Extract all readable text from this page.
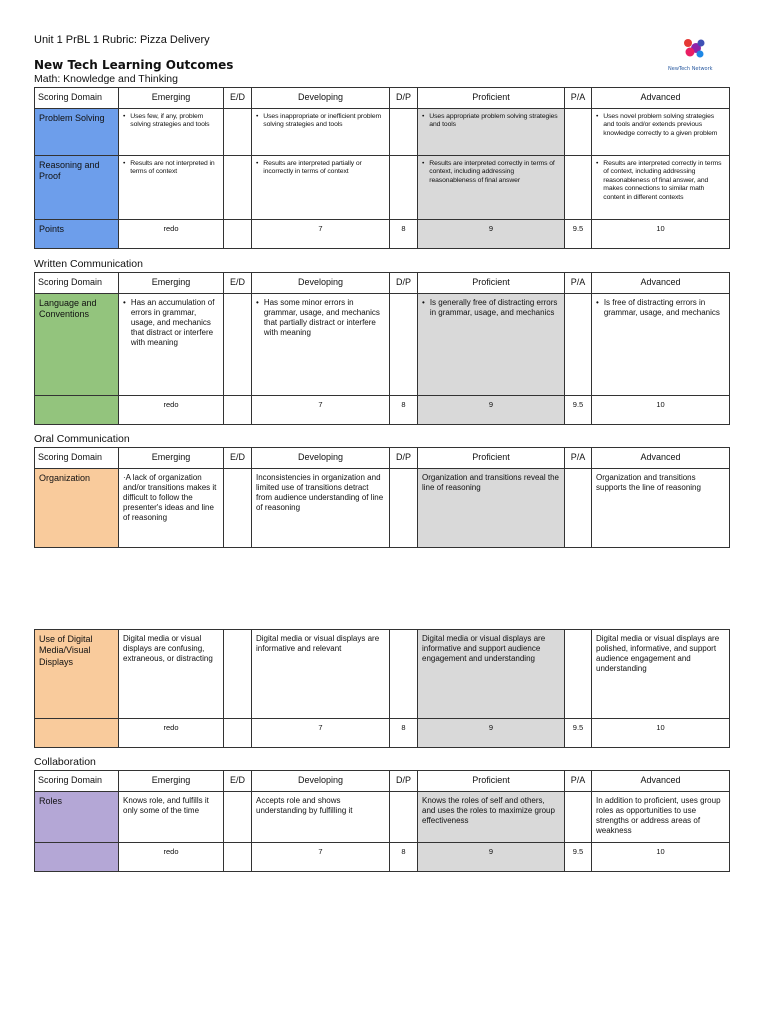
Unit 1 PrBL 1 Rubric: Pizza Delivery
New Tech Learning Outcomes	NewTech Network
Math: Knowledge and Thinking
Scoring Domain	Emerging	E/D	Developing	D/P	Proficient	P/A	Advanced
Problem Solving	• Uses few, if any, problem solving strategies and tools		• Uses inappropriate or inefficient problem solving strategies and tools		• Uses appropriate problem solving strategies and tools		• Uses novel problem solving strategies and tools and/or extends previous knowledge correctly to a given problem

Reasoning and Proof	• Results are not interpreted in terms of context		• Results are interpreted partially or incorrectly in terms of context		• Results are interpreted correctly in terms of context, including addressing reasonableness of final answer		• Results are interpreted correctly in terms of context, including addressing reasonableness of final answer, and makes connections to similar math content in different contexts

Points	redo		7	8	9	9.5	10
Written Communication
Scoring Domain	Emerging	E/D	Developing	D/P	Proficient	P/A	Advanced
Language and Conventions	• Has an accumulation of errors in grammar, usage, and mechanics that distract or interfere with meaning		• Has some minor errors in grammar, usage, and mechanics that partially distract or interfere with meaning		• Is generally free of distracting errors in grammar, usage, and mechanics		• Is free of distracting errors in grammar, usage, and mechanics

	redo		7	8	9	9.5	10
Oral Communication
Scoring Domain	Emerging	E/D	Developing	D/P	Proficient	P/A	Advanced
Organization	·A lack of organization and/or transitions makes it difficult to follow the presenter's ideas and line of reasoning		Inconsistencies in organization and limited use of transitions detract from audience understanding of line of reasoning		Organization and transitions reveal the line of reasoning		Organization and transitions supports the line of reasoning
Use of Digital Media/Visual Displays	Digital media or visual displays are confusing, extraneous, or distracting		Digital media or visual displays are informative and relevant		Digital media or visual displays are informative and support audience engagement and understanding		Digital media or visual displays are polished, informative, and support audience engagement and understanding
	redo		7	8	9	9.5	10
Collaboration
Scoring Domain	Emerging	E/D	Developing	D/P	Proficient	P/A	Advanced
Roles	Knows role, and fulfills it only some of the time		Accepts role and shows understanding by fulfilling it		Knows the roles of self and others, and uses the roles to maximize group effectiveness		In addition to proficient, uses group roles as opportunities to use strengths or address areas of weakness
	redo		7	8	9	9.5	10
